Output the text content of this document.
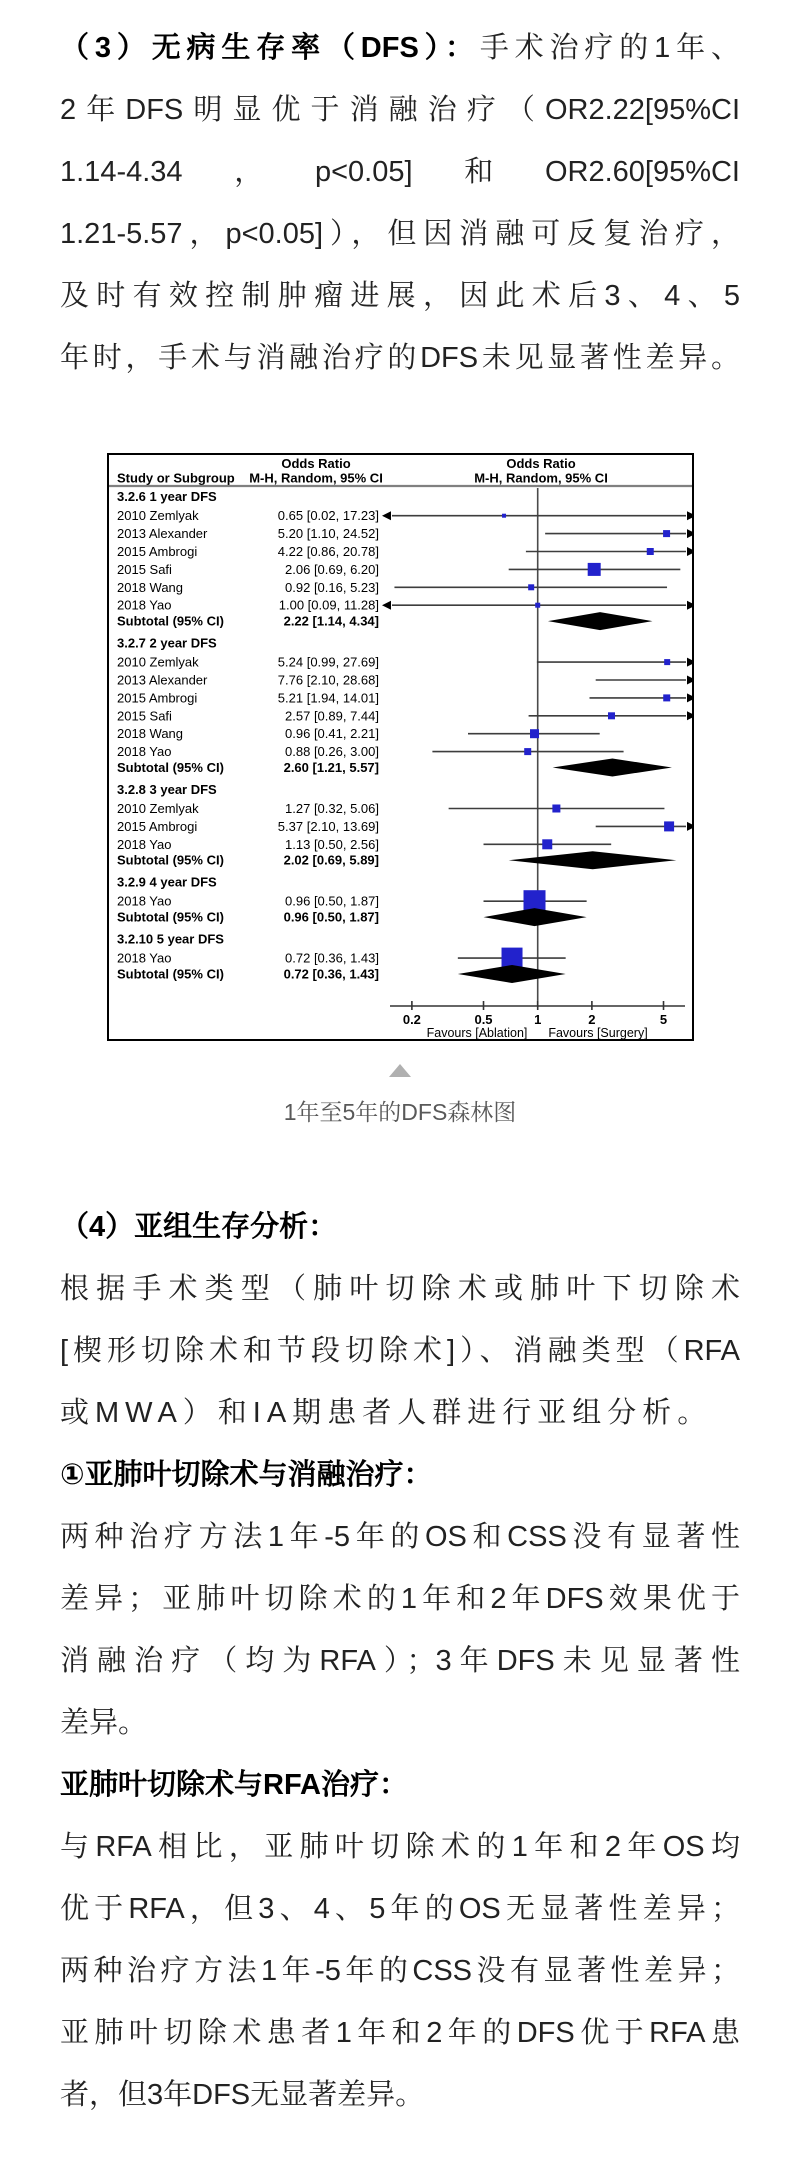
（3）无病生存率（DFS）：手术治疗的1年、
2年DFS明显优于消融治疗（OR2.22[95%CI
1.14-4.34，p<0.05]和OR2.60[95%CI
1.21-5.57，p<0.05]），但因消融可反复治疗，
及时有效控制肿瘤进展，因此术后3、4、5
年时，手术与消融治疗的DFS未见显著性差异。
（4）亚组生存分析：
根据手术类型（肺叶切除术或肺叶下切除术
[楔形切除术和节段切除术]）、消融类型（RFA
或MWA）和IA期患者人群进行亚组分析。
①亚肺叶切除术与消融治疗：
两种治疗方法1年-5年的OS和CSS没有显著性
差异；亚肺叶切除术的1年和2年DFS效果优于
消融治疗（均为RFA）；3年DFS未见显著性
差异。
亚肺叶切除术与RFA治疗：
与RFA相比，亚肺叶切除术的1年和2年OS均
优于RFA，但3、4、5年的OS无显著性差异；
两种治疗方法1年-5年的CSS没有显著性差异；
亚肺叶切除术患者1年和2年的DFS优于RFA患
者，但3年DFS无显著差异。
Odds Ratio	Odds Ratio
Study or Subgroup M-H, Random, 95% CI	M-H, Random, 95% CI
3.2.6 1 year DFS
2010 Zemlyak	0.65 [0.02, 17.23]
2013 Alexander	5.20 [1.10, 24.52]
2015 Ambrogi	4.22 [0.86, 20.78]
2015 Safi	2.06 [0.69, 6.20]
2018 Wang	0.92 [0.16, 5.23]
2018 Yao	1.00 [0.09, 11.28]
Subtotal (95% CI)	2.22 [1.14, 4.34]
3.2.7 2 year DFS
2010 Zemlyak	5.24 [0.99, 27.69]
2013 Alexander	7.76 [2.10, 28.68]
2015 Ambrogi	5.21 [1.94, 14.01]
2015 Safi	2.57 [0.89, 7.44]
2018 Wang	0.96 [0.41, 2.21]
2018 Yao	0.88 [0.26, 3.00]
Subtotal (95% CI)	2.60 [1.21, 5.57]
3.2.8 3 year DFS
2010 Zemlyak	1.27 [0.32, 5.06]
2015 Ambrogi	5.37 [2.10, 13.69]
2018 Yao	1.13 [0.50, 2.56]
Subtotal (95% CI)	2.02 [0.69, 5.89]
3.2.9 4 year DFS
2018 Yao	0.96 [0.50, 1.87]
Subtotal (95% CI)	0.96 [0.50, 1.87]
3.2.10 5 year DFS
2018 Yao	0.72 [0.36, 1.43]
Subtotal (95% CI)	0.72 [0.36, 1.43]
0.2	0.5	1	2	5
Favours [Ablation] Favours [Surgery]
1年至5年的DFS森林图
